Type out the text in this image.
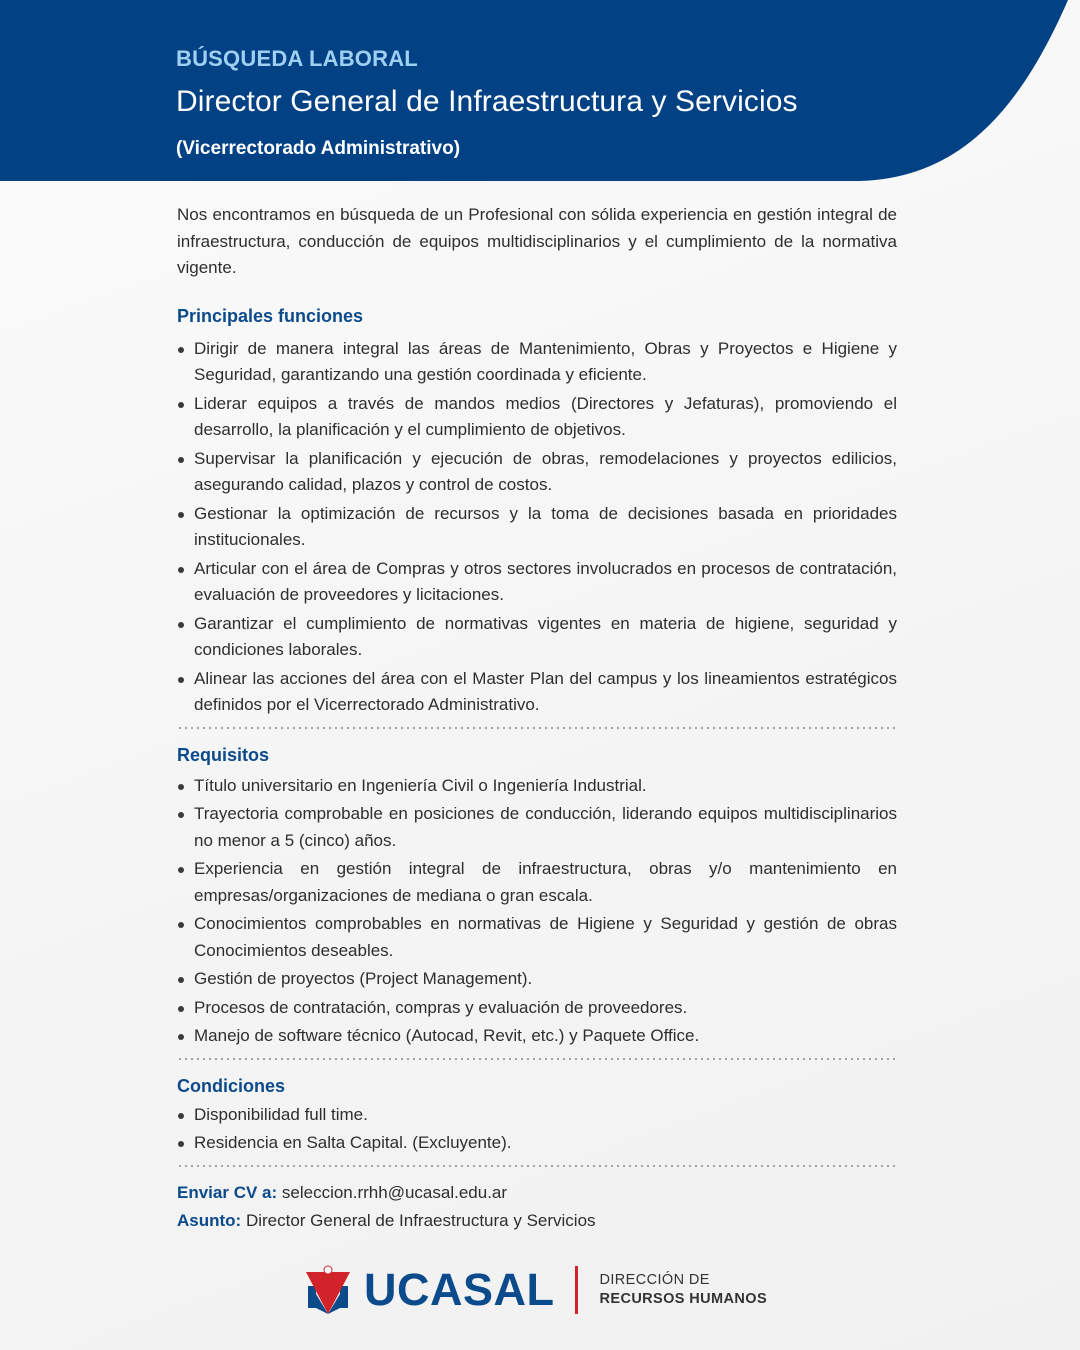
BÚSQUEDA LABORAL
Director General de Infraestructura y Servicios
(Vicerrectorado Administrativo)

Nos encontramos en búsqueda de un Profesional con sólida experiencia en gestión integral de infraestructura, conducción de equipos multidisciplinarios y el cumplimiento de la normativa vigente.

Principales funciones
Dirigir de manera integral las áreas de Mantenimiento, Obras y Proyectos e Higiene y Seguridad, garantizando una gestión coordinada y eficiente.
Liderar equipos a través de mandos medios (Directores y Jefaturas), promoviendo el desarrollo, la planificación y el cumplimiento de objetivos.
Supervisar la planificación y ejecución de obras, remodelaciones y proyectos edilicios, asegurando calidad, plazos y control de costos.
Gestionar la optimización de recursos y la toma de decisiones basada en prioridades institucionales.
Articular con el área de Compras y otros sectores involucrados en procesos de contratación, evaluación de proveedores y licitaciones.
Garantizar el cumplimiento de normativas vigentes en materia de higiene, seguridad y condiciones laborales.
Alinear las acciones del área con el Master Plan del campus y los lineamientos estratégicos definidos por el Vicerrectorado Administrativo.
Requisitos
Título universitario en Ingeniería Civil o Ingeniería Industrial.
Trayectoria comprobable en posiciones de conducción, liderando equipos multidisciplinarios no menor a 5 (cinco) años.
Experiencia en gestión integral de infraestructura, obras y/o mantenimiento en empresas/organizaciones de mediana o gran escala.
Conocimientos comprobables en normativas de Higiene y Seguridad y gestión de obras Conocimientos deseables.
Gestión de proyectos (Project Management).
Procesos de contratación, compras y evaluación de proveedores.
Manejo de software técnico (Autocad, Revit, etc.) y Paquete Office.
Condiciones
Disponibilidad full time.
Residencia en Salta Capital. (Excluyente).
Enviar CV a: seleccion.rrhh@ucasal.edu.ar
Asunto: Director General de Infraestructura y Servicios
UCASAL	DIRECCIÓN DE
RECURSOS HUMANOS
